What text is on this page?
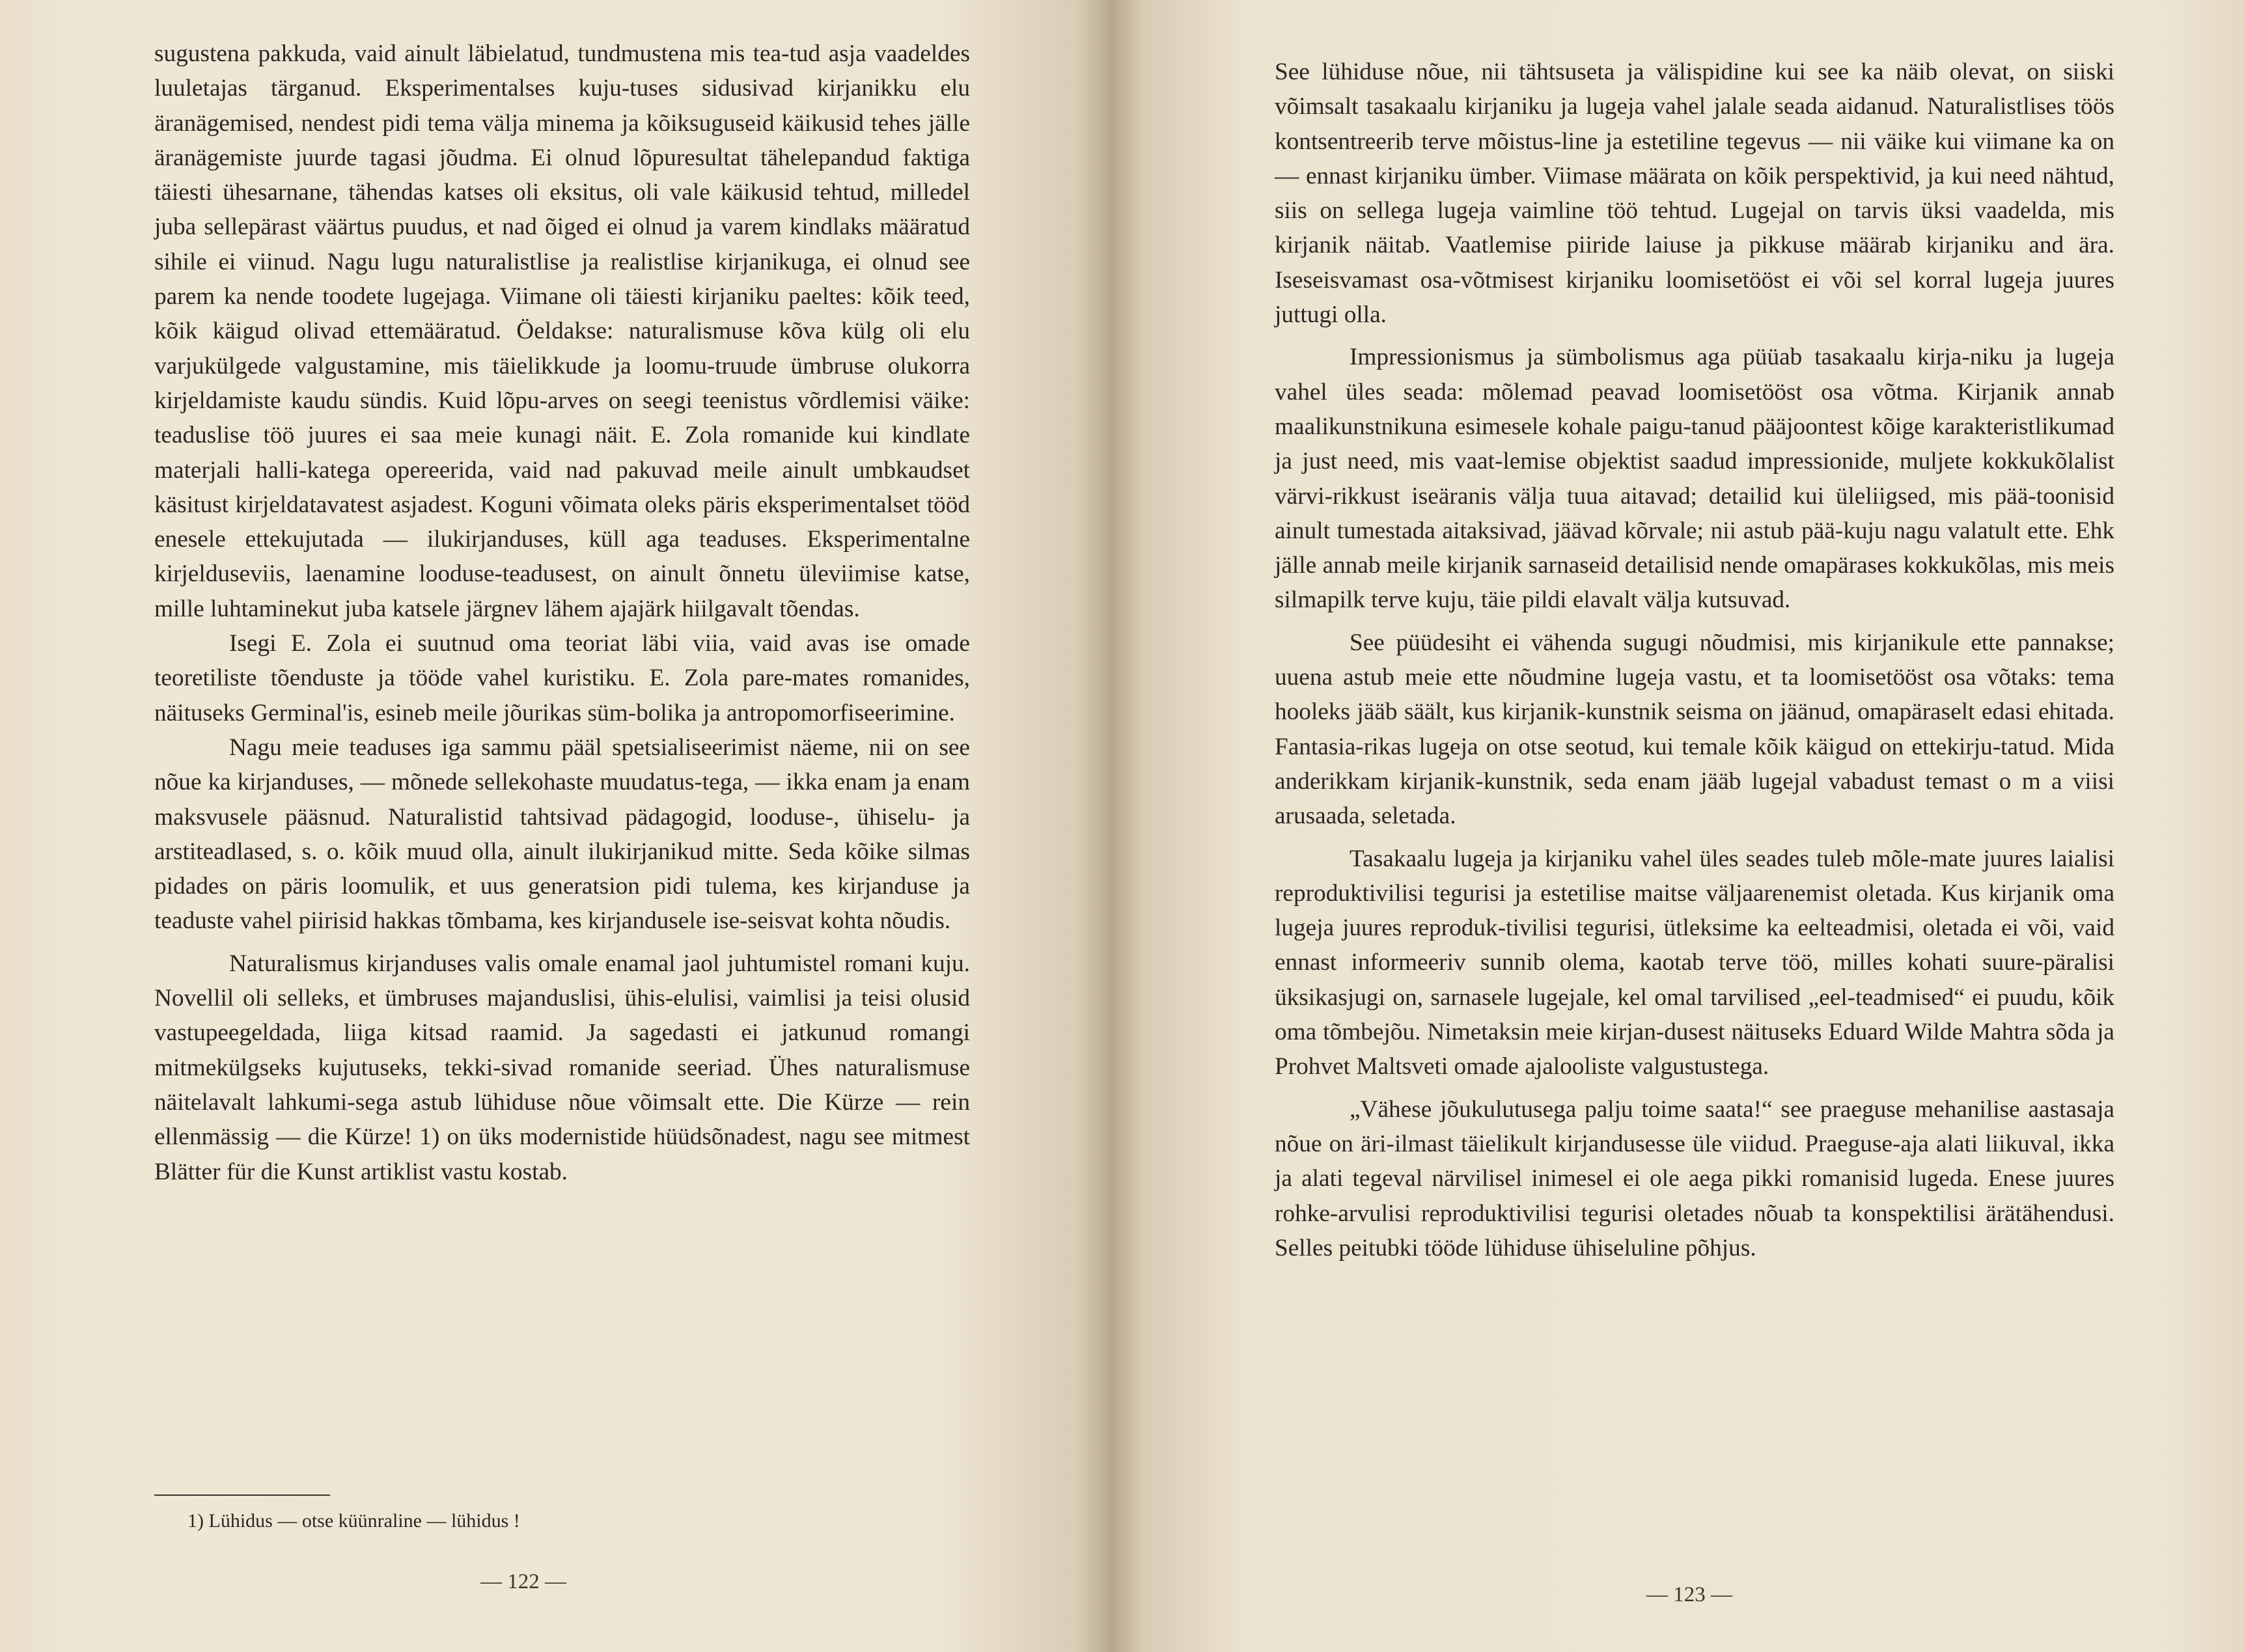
sugustena pakkuda, vaid ainult läbielatud, tundmustena mis tea-tud asja vaadeldes luuletajas tärganud. Eksperimentalses kuju-tuses sidusivad kirjanikku elu äranägemised, nendest pidi tema välja minema ja kõiksuguseid käikusid tehes jälle äranägemiste juurde tagasi jõudma. Ei olnud lõpuresultat tähelepandud faktiga täiesti ühesarnane, tähendas katses oli eksitus, oli vale käikusid tehtud, milledel juba sellepärast väärtus puudus, et nad õiged ei olnud ja varem kindlaks määratud sihile ei viinud. Nagu lugu naturalistlise ja realistlise kirjanikuga, ei olnud see parem ka nende toodete lugejaga. Viimane oli täiesti kirjaniku paeltes: kõik teed, kõik käigud olivad ettemääratud. Öeldakse: naturalismuse kõva külg oli elu varjukülgede valgustamine, mis täielikkude ja loomu-truude ümbruse olukorra kirjeldamiste kaudu sündis. Kuid lõpu-arves on seegi teenistus võrdlemisi väike: teaduslise töö juures ei saa meie kunagi näit. E. Zola romanide kui kindlate materjali halli-katega opereerida, vaid nad pakuvad meile ainult umbkaudset käsitust kirjeldatavatest asjadest. Koguni võimata oleks päris eksperimentalset tööd enesele ettekujutada — ilukirjanduses, küll aga teaduses. Eksperimentalne kirjelduseviis, laenamine looduse-teadusest, on ainult õnnetu üleviimise katse, mille luhtaminekut juba katsele järgnev lähem ajajärk hiilgavalt tõendas.

Isegi E. Zola ei suutnud oma teoriat läbi viia, vaid avas ise omade teoretiliste tõenduste ja tööde vahel kuristiku. E. Zola pare-mates romanides, näituseks Germinal'is, esineb meile jõurikas süm-bolika ja antropomorfiseerimine.

Nagu meie teaduses iga sammu pääl spetsialiseerimist näeme, nii on see nõue ka kirjanduses, — mõnede sellekohaste muudatus-tega, — ikka enam ja enam maksvusele pääsnud. Naturalistid tahtsivad pädagogid, looduse-, ühiselu- ja arstiteadlased, s. o. kõik muud olla, ainult ilukirjanikud mitte. Seda kõike silmas pidades on päris loomulik, et uus generatsion pidi tulema, kes kirjanduse ja teaduste vahel piirisid hakkas tõmbama, kes kirjandusele ise-seisvat kohta nõudis.

Naturalismus kirjanduses valis omale enamal jaol juhtumistel romani kuju. Novellil oli selleks, et ümbruses majanduslisi, ühis-elulisi, vaimlisi ja teisi olusid vastupeegeldada, liiga kitsad raamid. Ja sagedasti ei jatkunud romangi mitmekülgseks kujutuseks, tekki-sivad romanide seeriad. Ühes naturalismuse näitelavalt lahkumi-sega astub lühiduse nõue võimsalt ette. Die Kürze — rein ellenmässig — die Kürze! 1) on üks modernistide hüüdsõnadest, nagu see mitmest Blätter für die Kunst artiklist vastu kostab.

1) Lühidus — otse küünraline — lühidus !
— 122 —

See lühiduse nõue, nii tähtsuseta ja välispidine kui see ka näib olevat, on siiski võimsalt tasakaalu kirjaniku ja lugeja vahel jalale seada aidanud. Naturalistlises töös kontsentreerib terve mõistus-line ja estetiline tegevus — nii väike kui viimane ka on — ennast kirjaniku ümber. Viimase määrata on kõik perspektivid, ja kui need nähtud, siis on sellega lugeja vaimline töö tehtud. Lugejal on tarvis üksi vaadelda, mis kirjanik näitab. Vaatlemise piiride laiuse ja pikkuse määrab kirjaniku and ära. Iseseisvamast osa-võtmisest kirjaniku loomisetööst ei või sel korral lugeja juures juttugi olla.

Impressionismus ja sümbolismus aga püüab tasakaalu kirja-niku ja lugeja vahel üles seada: mõlemad peavad loomisetööst osa võtma. Kirjanik annab maalikunstnikuna esimesele kohale paigu-tanud pääjoontest kõige karakteristlikumad ja just need, mis vaat-lemise objektist saadud impressionide, muljete kokkukõlalist värvi-rikkust iseäranis välja tuua aitavad; detailid kui üleliigsed, mis pää-toonisid ainult tumestada aitaksivad, jäävad kõrvale; nii astub pää-kuju nagu valatult ette. Ehk jälle annab meile kirjanik sarnaseid detailisid nende omapärases kokkukõlas, mis meis silmapilk terve kuju, täie pildi elavalt välja kutsuvad.

See püüdesiht ei vähenda sugugi nõudmisi, mis kirjanikule ette pannakse; uuena astub meie ette nõudmine lugeja vastu, et ta loomisetööst osa võtaks: tema hooleks jääb säält, kus kirjanik-kunstnik seisma on jäänud, omapäraselt edasi ehitada. Fantasia-rikas lugeja on otse seotud, kui temale kõik käigud on ettekirju-tatud. Mida anderikkam kirjanik-kunstnik, seda enam jääb lugejal vabadust temast o m a viisi arusaada, seletada.

Tasakaalu lugeja ja kirjaniku vahel üles seades tuleb mõle-mate juures laialisi reproduktivilisi tegurisi ja estetilise maitse väljaarenemist oletada. Kus kirjanik oma lugeja juures reproduk-tivilisi tegurisi, ütleksime ka eelteadmisi, oletada ei või, vaid ennast informeeriv sunnib olema, kaotab terve töö, milles kohati suure-päralisi üksikasjugi on, sarnasele lugejale, kel omal tarvilised „eel-teadmised“ ei puudu, kõik oma tõmbejõu. Nimetaksin meie kirjan-dusest näituseks Eduard Wilde Mahtra sõda ja Prohvet Maltsveti omade ajalooliste valgustustega.

„Vähese jõukulutusega palju toime saata!“ see praeguse mehanilise aastasaja nõue on äri-ilmast täielikult kirjandusesse üle viidud. Praeguse-aja alati liikuval, ikka ja alati tegeval närvilisel inimesel ei ole aega pikki romanisid lugeda. Enese juures rohke-arvulisi reproduktivilisi tegurisi oletades nõuab ta konspektilisi ärätähendusi. Selles peitubki tööde lühiduse ühiseluline põhjus.

— 123 —
